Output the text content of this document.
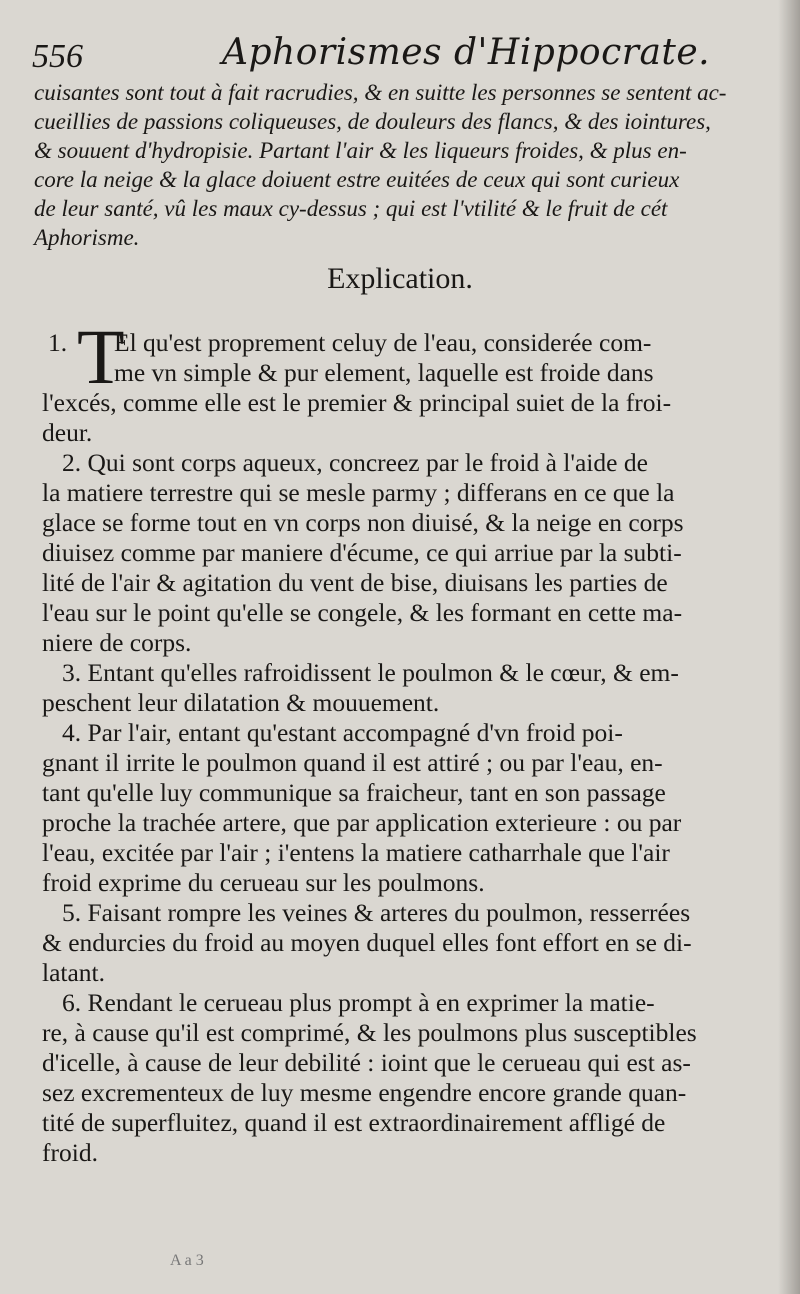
556	Aphorismes d'Hippocrate.
cuisantes sont tout à fait racrudies, & en suitte les personnes se sentent ac-
cueillies de passions coliqueuses, de douleurs des flancs, & des iointures,
& souuent d'hydropisie. Partant l'air & les liqueurs froides, & plus en-
core la neige & la glace doiuent estre euitées de ceux qui sont curieux
de leur santé, vû les maux cy-dessus ; qui est l'vtilité & le fruit de cét
Aphorisme.
Explication.
T
1. El qu'est proprement celuy de l'eau, considerée com-
me vn simple & pur element, laquelle est froide dans
l'excés, comme elle est le premier & principal suiet de la froi-
deur.
2. Qui sont corps aqueux, concreez par le froid à l'aide de
la matiere terrestre qui se mesle parmy ; differans en ce que la
glace se forme tout en vn corps non diuisé, & la neige en corps
diuisez comme par maniere d'écume, ce qui arriue par la subti-
lité de l'air & agitation du vent de bise, diuisans les parties de
l'eau sur le point qu'elle se congele, & les formant en cette ma-
niere de corps.
3. Entant qu'elles rafroidissent le poulmon & le cœur, & em-
peschent leur dilatation & mouuement.
4. Par l'air, entant qu'estant accompagné d'vn froid poi-
gnant il irrite le poulmon quand il est attiré ; ou par l'eau, en-
tant qu'elle luy communique sa fraicheur, tant en son passage
proche la trachée artere, que par application exterieure : ou par
l'eau, excitée par l'air ; i'entens la matiere catharrhale que l'air
froid exprime du cerueau sur les poulmons.
5. Faisant rompre les veines & arteres du poulmon, resserrées
& endurcies du froid au moyen duquel elles font effort en se di-
latant.
6. Rendant le cerueau plus prompt à en exprimer la matie-
re, à cause qu'il est comprimé, & les poulmons plus susceptibles
d'icelle, à cause de leur debilité : ioint que le cerueau qui est as-
sez excrementeux de luy mesme engendre encore grande quan-
tité de superfluitez, quand il est extraordinairement affligé de
froid.
A a 3
